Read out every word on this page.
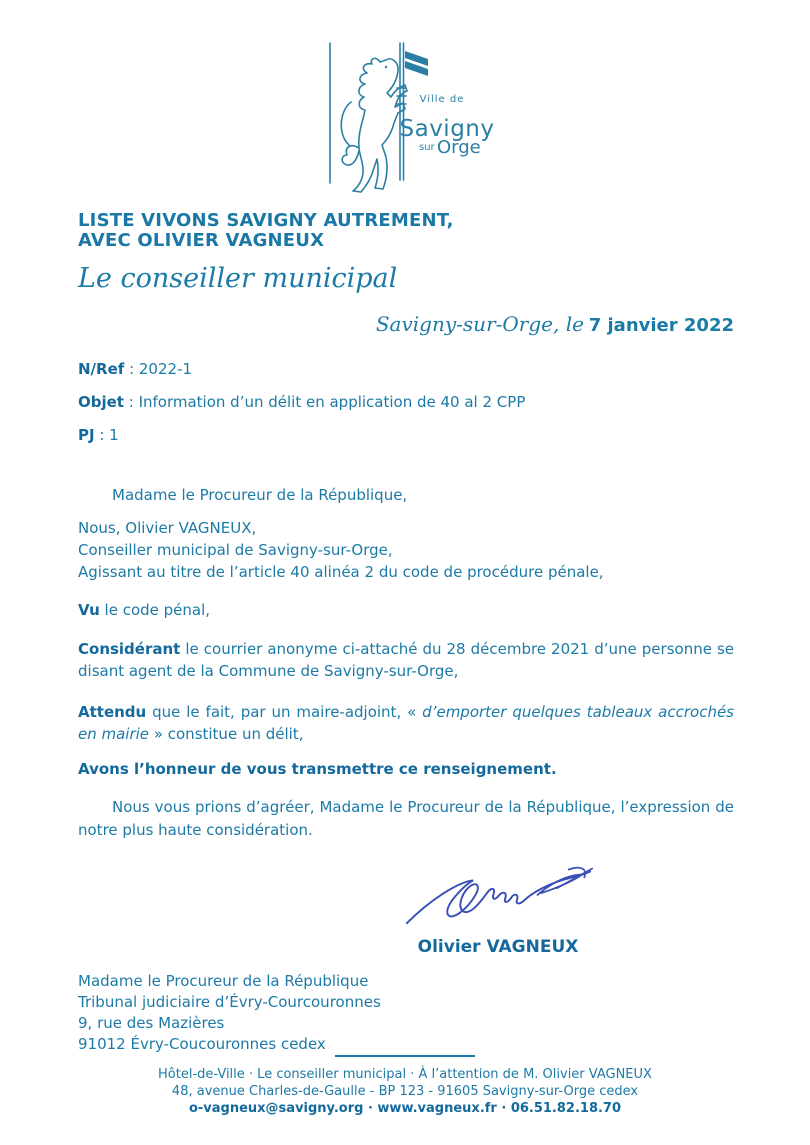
Ville de
Savigny
sur Orge
LISTE VIVONS SAVIGNY AUTREMENT,
AVEC OLIVIER VAGNEUX
Le conseiller municipal
Savigny-sur-Orge, le 7 janvier 2022
N/Ref : 2022-1
Objet : Information d’un délit en application de 40 al 2 CPP
PJ : 1
Madame le Procureur de la République,
Nous, Olivier VAGNEUX,
Conseiller municipal de Savigny-sur-Orge,
Agissant au titre de l’article 40 alinéa 2 du code de procédure pénale,
Vu le code pénal,
Considérant le courrier anonyme ci-attaché du 28 décembre 2021 d’une personne se disant agent de la Commune de Savigny-sur-Orge,
Attendu que le fait, par un maire-adjoint, « d’emporter quelques tableaux accrochés en mairie » constitue un délit,
Avons l’honneur de vous transmettre ce renseignement.
Nous vous prions d’agréer, Madame le Procureur de la République, l’expression de notre plus haute considération.
Olivier VAGNEUX
Madame le Procureur de la République
Tribunal judiciaire d’Évry-Courcouronnes
9, rue des Mazières
91012 Évry-Coucouronnes cedex
Hôtel-de-Ville · Le conseiller municipal · À l’attention de M. Olivier VAGNEUX
48, avenue Charles-de-Gaulle - BP 123 - 91605 Savigny-sur-Orge cedex
o-vagneux@savigny.org · www.vagneux.fr · 06.51.82.18.70
